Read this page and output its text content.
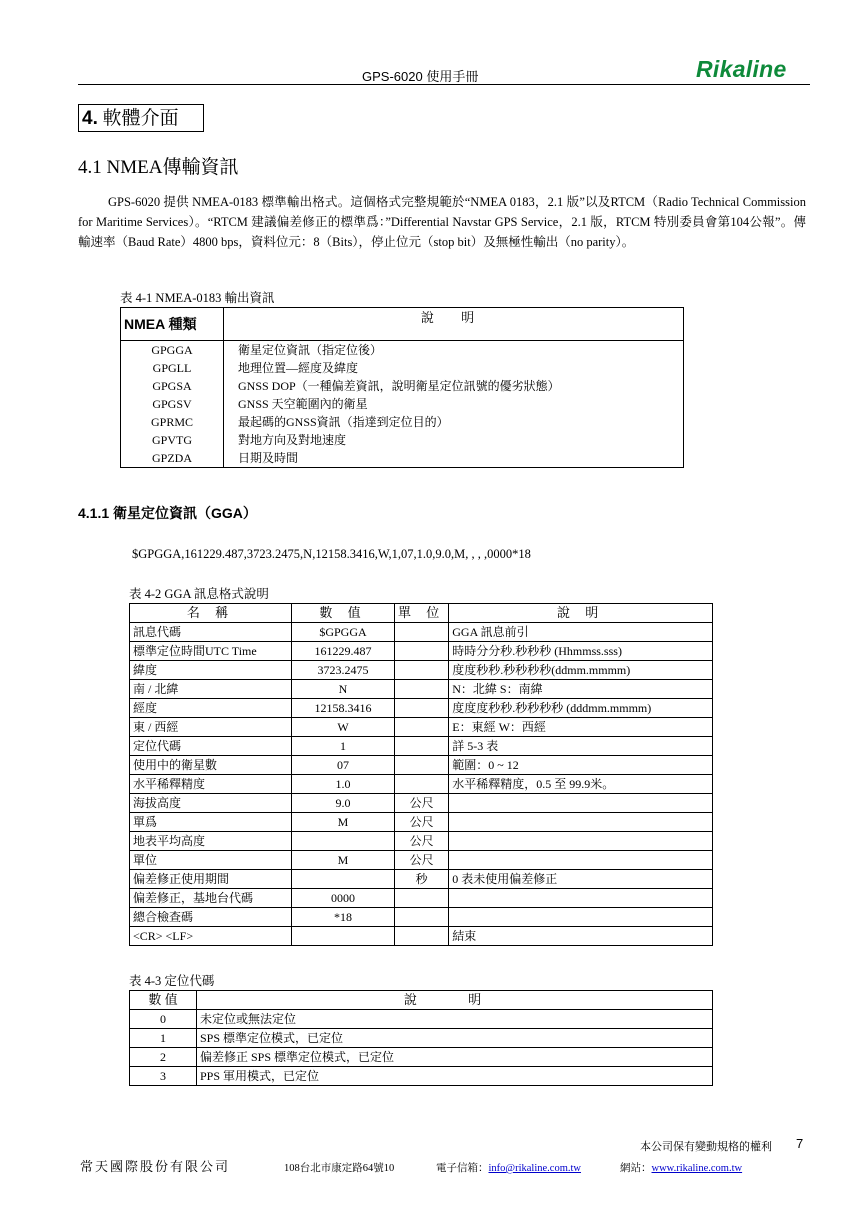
GPS-6020 使用手冊	Rikaline
4. 軟體介面
4.1 NMEA傳輸資訊
GPS-6020 提供 NMEA-0183 標準輸出格式。這個格式完整規範於“NMEA 0183，2.1 版”以及RTCM（Radio Technical Commission for Maritime Services）。“RTCM 建議偏差修正的標準爲：”Differential Navstar GPS Service，2.1 版，RTCM 特別委員會第104公報”。傳輸速率（Baud Rate）4800 bps，資料位元：8（Bits），停止位元（stop bit）及無極性輸出（no parity）。
表 4-1 NMEA-0183 輸出資訊
NMEA 種類	說 明
GPGGA	衛星定位資訊（指定位後）
GPGLL	地理位置—經度及緯度
GPGSA	GNSS DOP（一種偏差資訊，說明衛星定位訊號的優劣狀態）
GPGSV	GNSS 天空範圍內的衛星
GPRMC	最起碼的GNSS資訊（指達到定位目的）
GPVTG	對地方向及對地速度
GPZDA	日期及時間
4.1.1 衛星定位資訊（GGA）
$GPGGA,161229.487,3723.2475,N,12158.3416,W,1,07,1.0,9.0,M, , , ,0000*18
表 4-2 GGA 訊息格式說明
名 稱	數 值	單 位	說 明
訊息代碼	$GPGGA		GGA 訊息前引
標準定位時間UTC Time	161229.487		時時分分秒.秒秒秒 (Hhmmss.sss)
緯度	3723.2475		度度秒秒.秒秒秒秒(ddmm.mmmm)
南 / 北緯	N		N：北緯 S：南緯
經度	12158.3416		度度度秒秒.秒秒秒秒 (dddmm.mmmm)
東 / 西經	W		E：東經 W：西經
定位代碼	1		詳 5-3 表
使用中的衛星數	07		範圍：0 ~ 12
水平稀釋精度	1.0		水平稀釋精度，0.5 至 99.9米。
海拔高度	9.0	公尺	
單爲	M	公尺	
地表平均高度		公尺	
單位	M	公尺	
偏差修正使用期間		秒	0 表未使用偏差修正
偏差修正，基地台代碼	0000		
總合檢查碼	*18		
<CR> <LF>			結束
表 4-3 定位代碼
數 值	說 明
0	未定位或無法定位
1	SPS 標準定位模式，已定位
2	偏差修正 SPS 標準定位模式，已定位
3	PPS 軍用模式，已定位
本公司保有變動規格的權利 7
常天國際股份有限公司	108台北市康定路64號10	電子信箱：info@rikaline.com.tw	網站：www.rikaline.com.tw
